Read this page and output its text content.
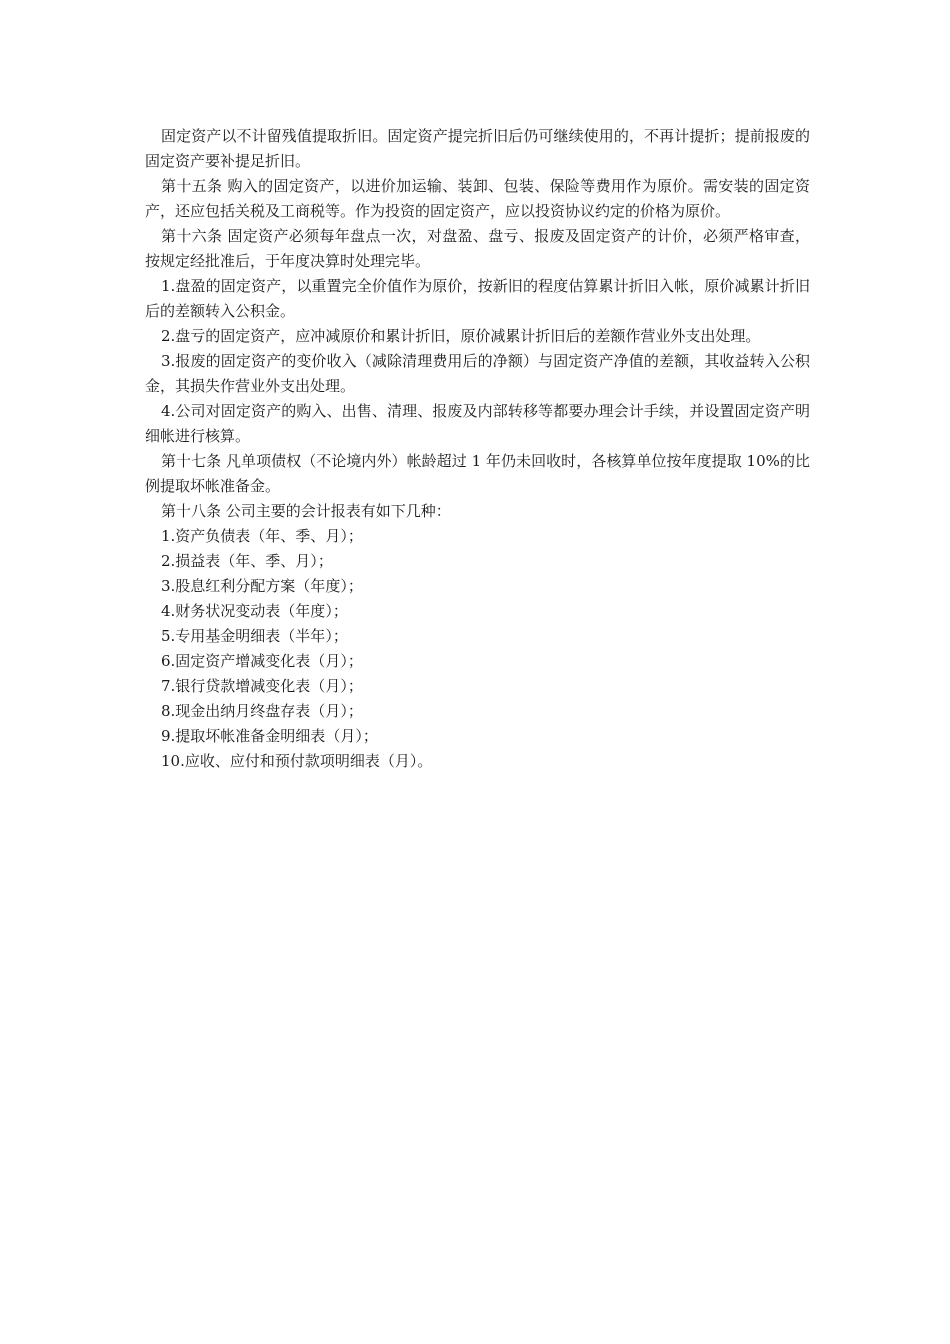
固定资产以不计留残值提取折旧。固定资产提完折旧后仍可继续使用的，不再计提折；提前报废的固定资产要补提足折旧。

第十五条 购入的固定资产，以进价加运输、装卸、包装、保险等费用作为原价。需安装的固定资产，还应包括关税及工商税等。作为投资的固定资产，应以投资协议约定的价格为原价。

第十六条 固定资产必须每年盘点一次，对盘盈、盘亏、报废及固定资产的计价，必须严格审查，按规定经批准后，于年度决算时处理完毕。

1.盘盈的固定资产，以重置完全价值作为原价，按新旧的程度估算累计折旧入帐，原价减累计折旧后的差额转入公积金。

2.盘亏的固定资产，应冲减原价和累计折旧，原价减累计折旧后的差额作营业外支出处理。

3.报废的固定资产的变价收入（减除清理费用后的净额）与固定资产净值的差额，其收益转入公积金，其损失作营业外支出处理。

4.公司对固定资产的购入、出售、清理、报废及内部转移等都要办理会计手续，并设置固定资产明细帐进行核算。

第十七条 凡单项债权（不论境内外）帐龄超过 1 年仍未回收时，各核算单位按年度提取 10%的比例提取坏帐准备金。

第十八条 公司主要的会计报表有如下几种：

1.资产负债表（年、季、月）；

2.损益表（年、季、月）；

3.股息红利分配方案（年度）；

4.财务状况变动表（年度）；

5.专用基金明细表（半年）；

6.固定资产增减变化表（月）；

7.银行贷款增减变化表（月）；

8.现金出纳月终盘存表（月）；

9.提取坏帐准备金明细表（月）；

10.应收、应付和预付款项明细表（月）。
